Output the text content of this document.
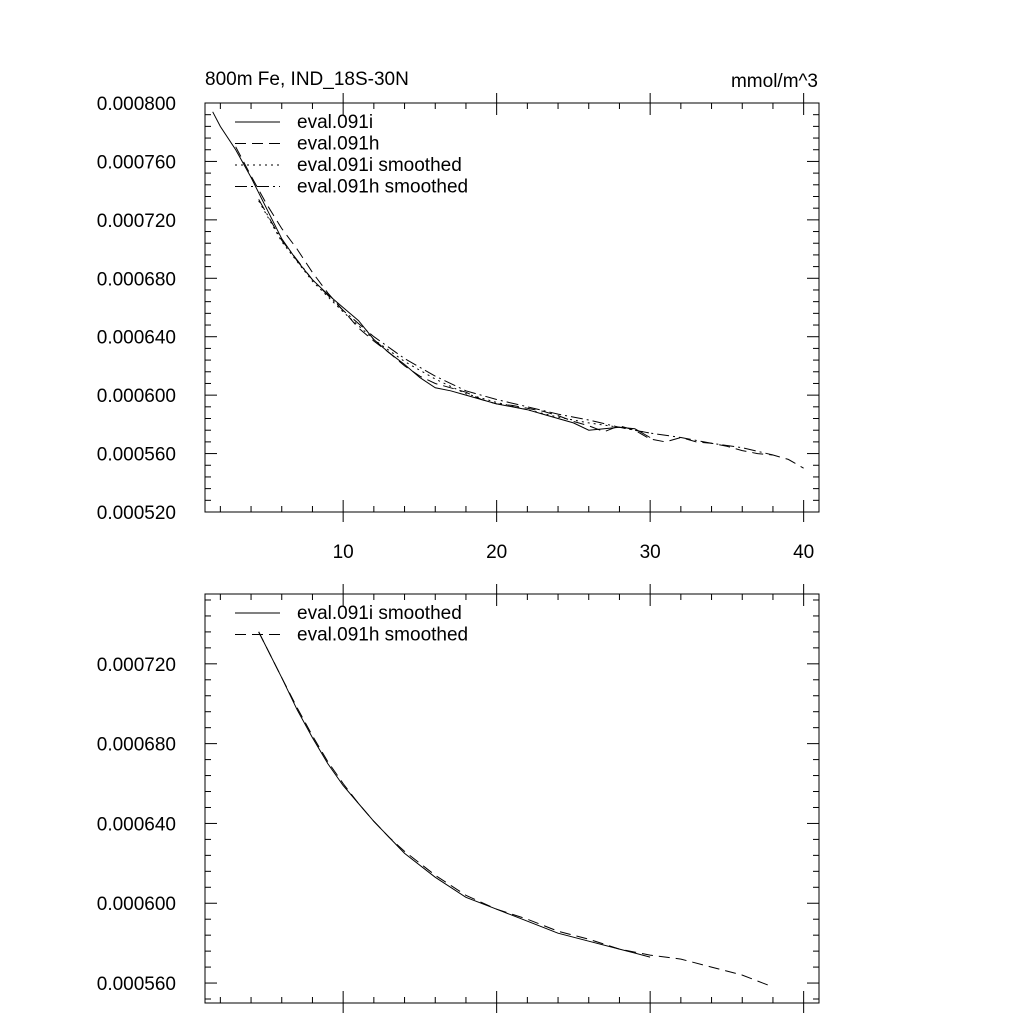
800m Fe, IND_18S-30N	mmol/m^3
0.000520
0.000560
0.000600
0.000640
0.000680
0.000720
0.000760
0.000800
10	20	30	40
eval.091i
eval.091h
eval.091i smoothed
eval.091h smoothed
0.000560
0.000600
0.000640
0.000680
0.000720
eval.091i smoothed
eval.091h smoothed
